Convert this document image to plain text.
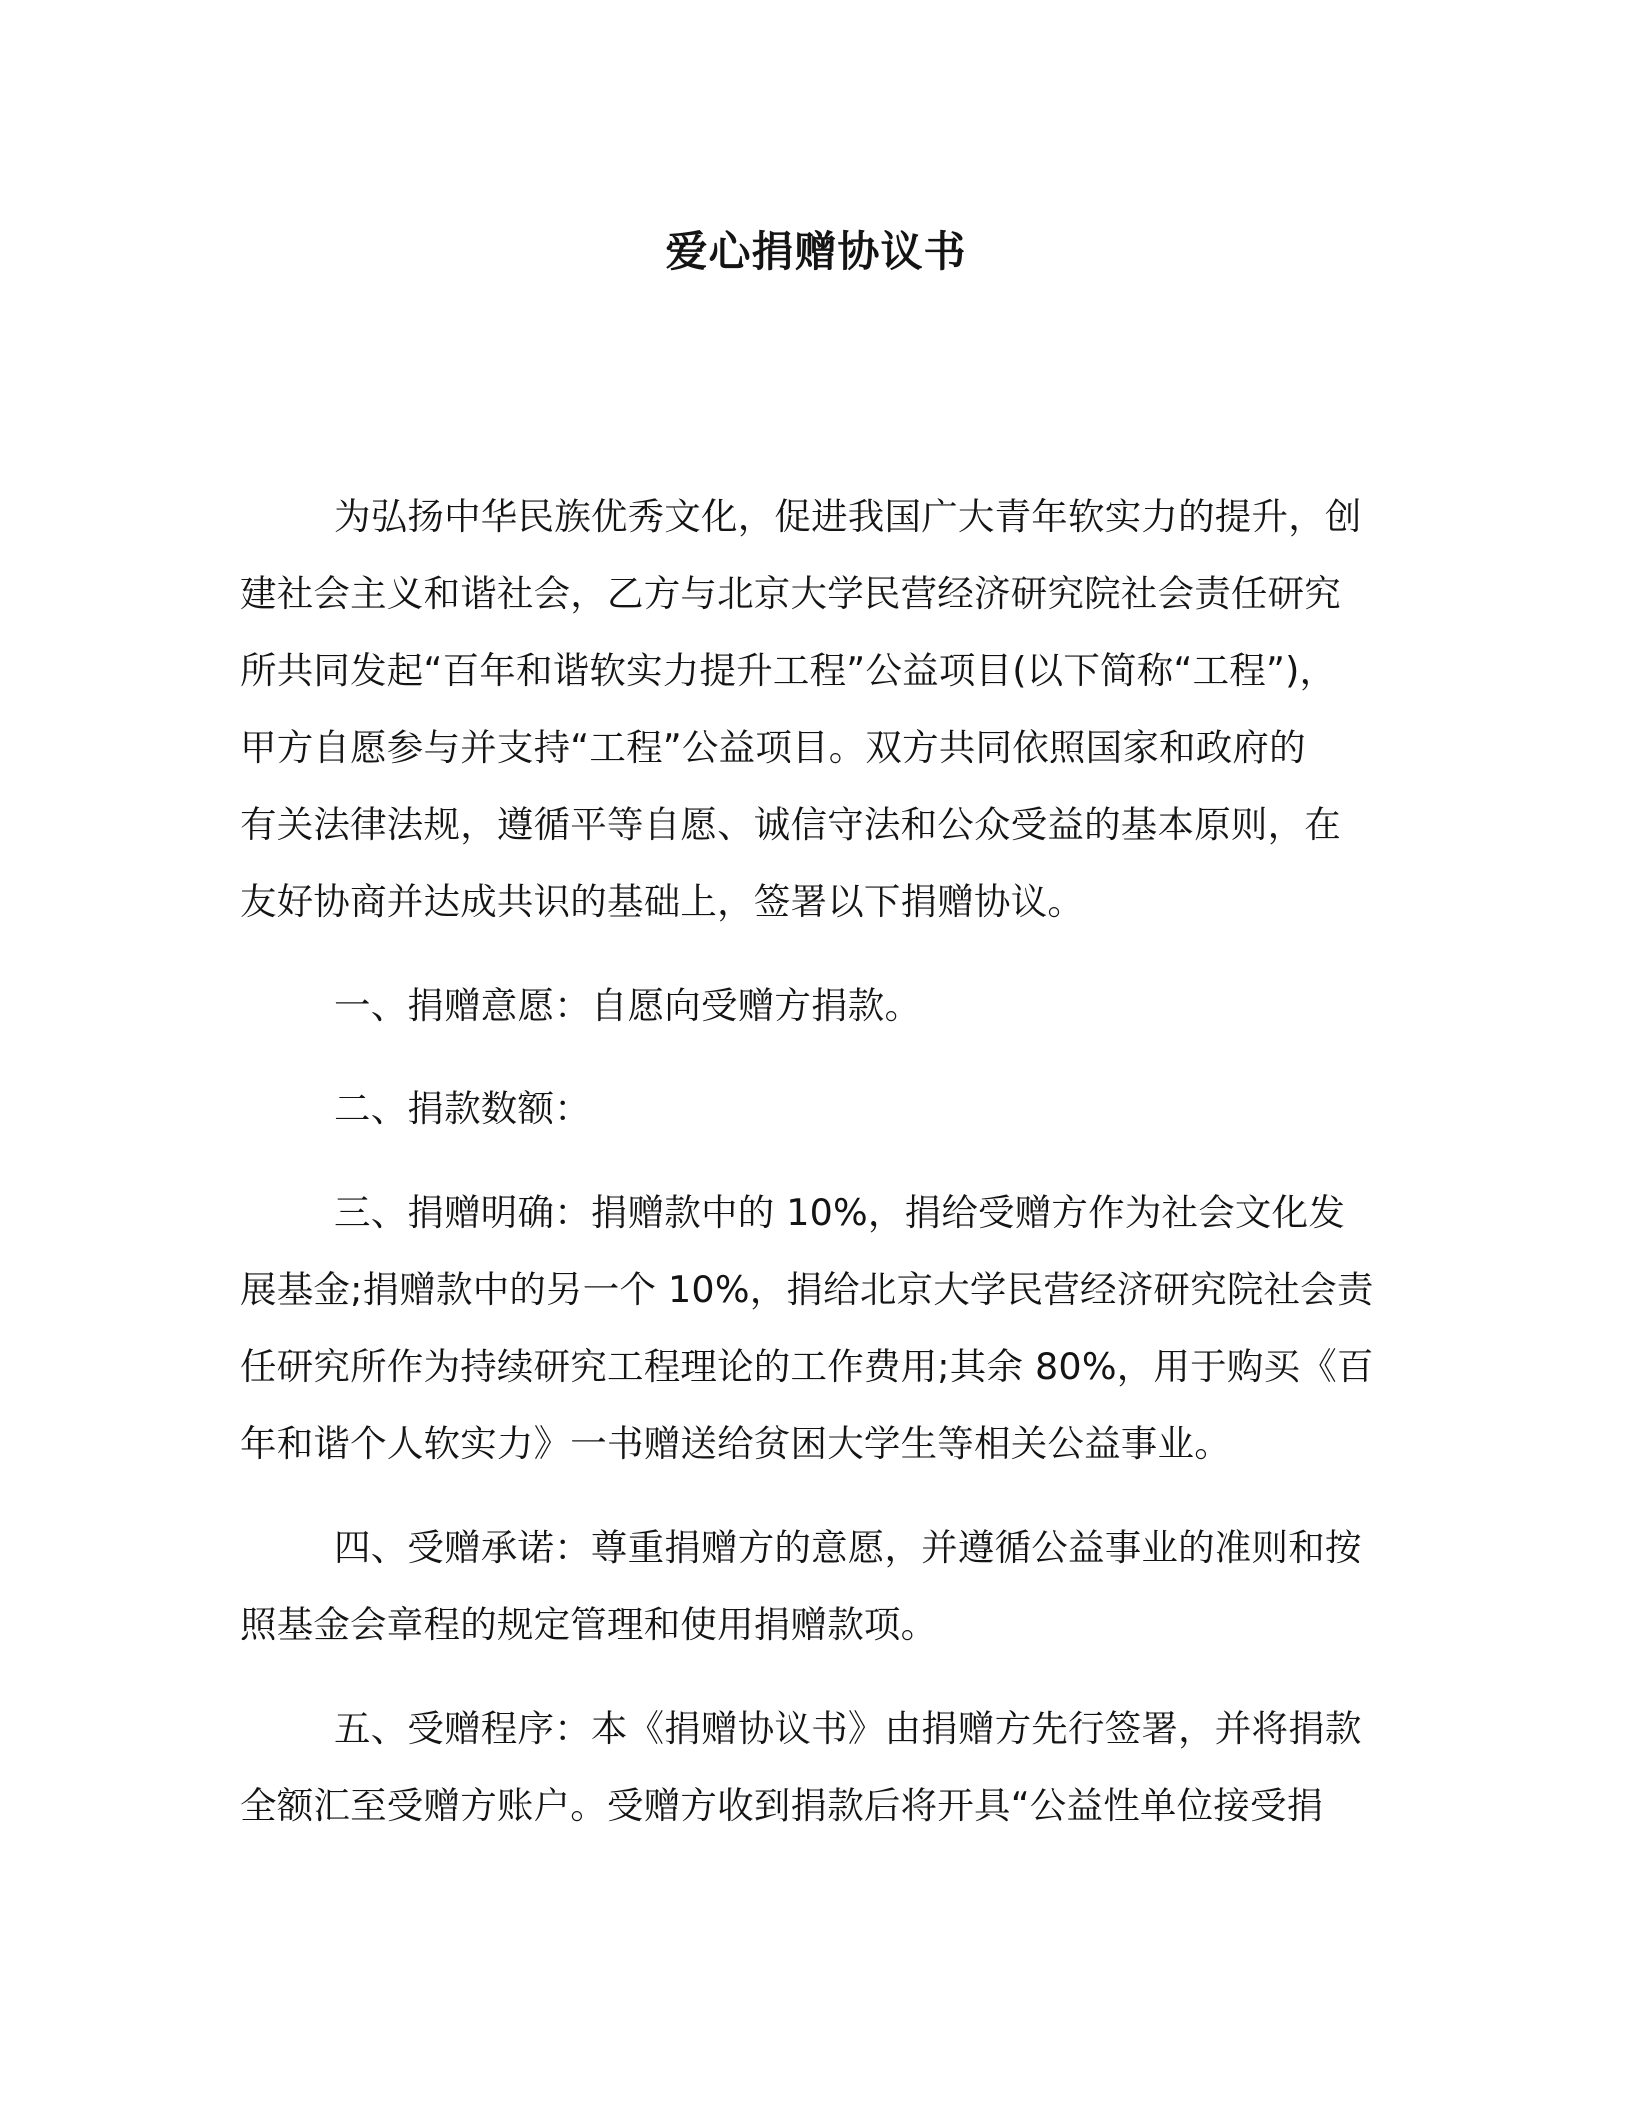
爱心捐赠协议书
为弘扬中华民族优秀文化，促进我国广大青年软实力的提升，创
建社会主义和谐社会，乙方与北京大学民营经济研究院社会责任研究
所共同发起“百年和谐软实力提升工程”公益项目(以下简称“工程”)，
甲方自愿参与并支持“工程”公益项目。双方共同依照国家和政府的
有关法律法规，遵循平等自愿、诚信守法和公众受益的基本原则，在
友好协商并达成共识的基础上，签署以下捐赠协议。
一、捐赠意愿：自愿向受赠方捐款。
二、捐款数额：
三、捐赠明确：捐赠款中的 10%，捐给受赠方作为社会文化发
展基金;捐赠款中的另一个 10%，捐给北京大学民营经济研究院社会责
任研究所作为持续研究工程理论的工作费用;其余 80%，用于购买《百
年和谐个人软实力》一书赠送给贫困大学生等相关公益事业。
四、受赠承诺：尊重捐赠方的意愿，并遵循公益事业的准则和按
照基金会章程的规定管理和使用捐赠款项。
五、受赠程序：本《捐赠协议书》由捐赠方先行签署，并将捐款
全额汇至受赠方账户。受赠方收到捐款后将开具“公益性单位接受捐
